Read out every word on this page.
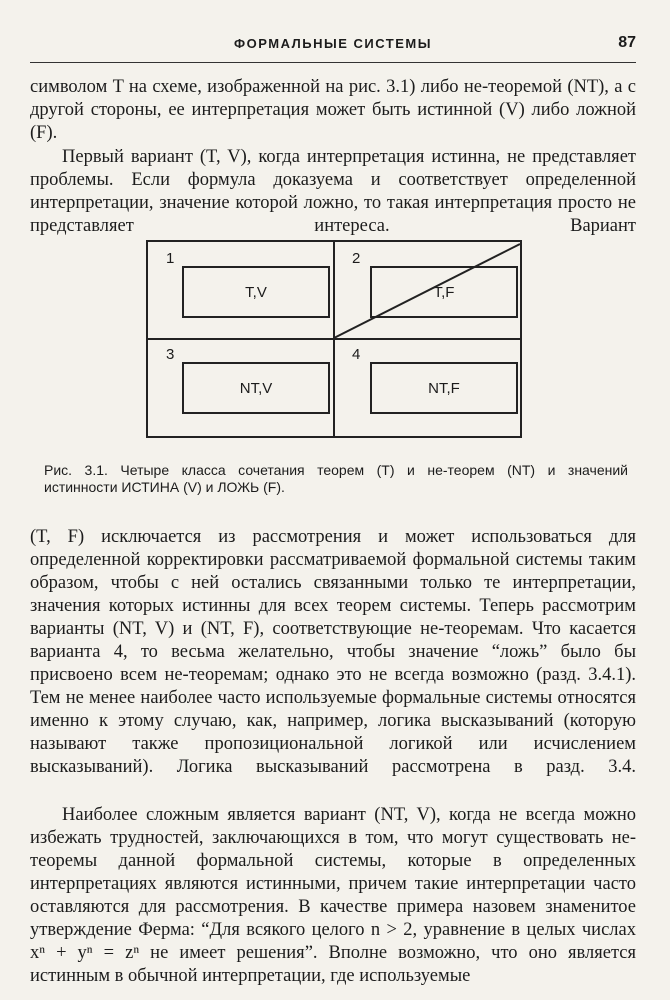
ФОРМАЛЬНЫЕ СИСТЕМЫ	87

символом T на схеме, изображенной на рис. 3.1) либо не-теоремой (NT), а с другой стороны, ее интерпретация может быть истинной (V) либо ложной (F).

Первый вариант (T, V), когда интерпретация истинна, не представляет проблемы. Если формула доказуема и соответствует определенной интерпретации, значение которой ложно, то такая интерпретация просто не представляет интереса. Вариант

1
T,V
2
T,F
3
NT,V
4
NT,F

Рис. 3.1. Четыре класса сочетания теорем (T) и не-теорем (NT) и значений
истинности ИСТИНА (V) и ЛОЖЬ (F).

(T, F) исключается из рассмотрения и может использоваться для определенной корректировки рассматриваемой формальной системы таким образом, чтобы с ней остались связанными только те интерпретации, значения которых истинны для всех теорем системы. Теперь рассмотрим варианты (NT, V) и (NT, F), соответствующие не-теоремам. Что касается варианта 4, то весьма желательно, чтобы значение “ложь” было бы присвоено всем не-теоремам; однако это не всегда возможно (разд. 3.4.1). Тем не менее наиболее часто используемые формальные системы относятся именно к этому случаю, как, например, логика высказываний (которую называют также пропозициональной логикой или исчислением высказываний). Логика высказываний рассмотрена в разд. 3.4.

Наиболее сложным является вариант (NT, V), когда не всегда можно избежать трудностей, заключающихся в том, что могут существовать не-теоремы данной формальной системы, которые в определенных интерпретациях являются истинными, причем такие интерпретации часто оставляются для рассмотрения. В качестве примера назовем знаменитое утверждение Ферма: “Для всякого целого n > 2, уравнение в целых числах xⁿ + yⁿ = zⁿ не имеет решения”. Вполне возможно, что оно является истинным в обычной интерпретации, где используемые
